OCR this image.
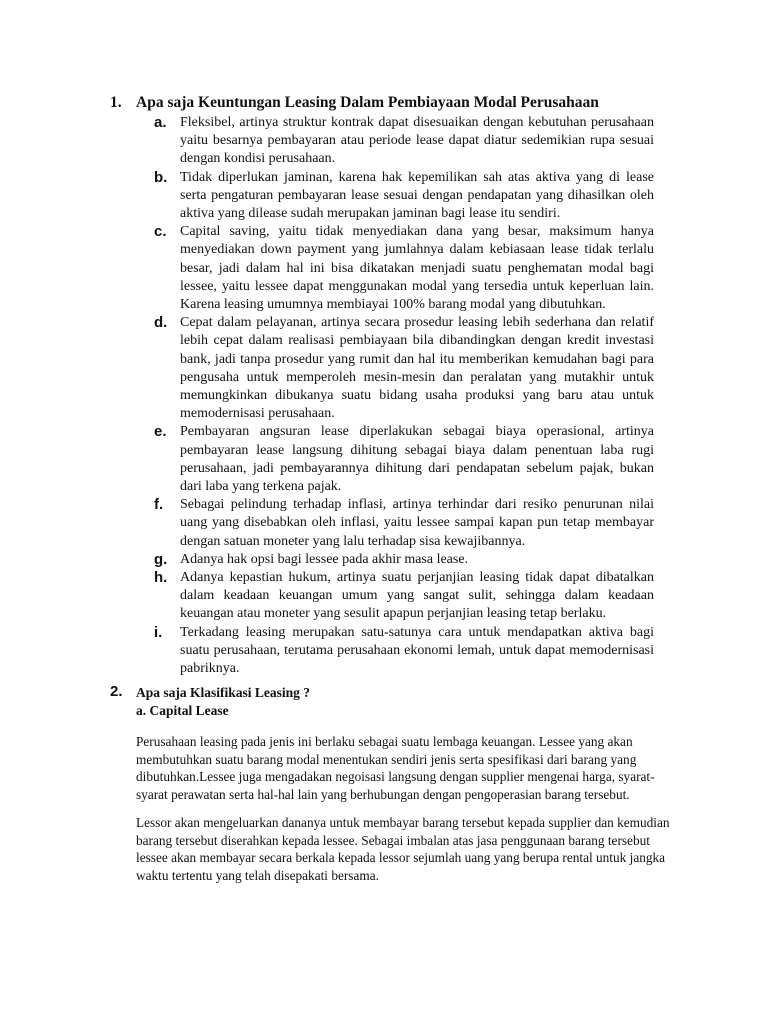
1. Apa saja Keuntungan Leasing Dalam Pembiayaan Modal Perusahaan
a. Fleksibel, artinya struktur kontrak dapat disesuaikan dengan kebutuhan perusahaan yaitu besarnya pembayaran atau periode lease dapat diatur sedemikian rupa sesuai dengan kondisi perusahaan.
b. Tidak diperlukan jaminan, karena hak kepemilikan sah atas aktiva yang di lease serta pengaturan pembayaran lease sesuai dengan pendapatan yang dihasilkan oleh aktiva yang dilease sudah merupakan jaminan bagi lease itu sendiri.
c. Capital saving, yaitu tidak menyediakan dana yang besar, maksimum hanya menyediakan down payment yang jumlahnya dalam kebiasaan lease tidak terlalu besar, jadi dalam hal ini bisa dikatakan menjadi suatu penghematan modal bagi lessee, yaitu lessee dapat menggunakan modal yang tersedia untuk keperluan lain. Karena leasing umumnya membiayai 100% barang modal yang dibutuhkan.
d. Cepat dalam pelayanan, artinya secara prosedur leasing lebih sederhana dan relatif lebih cepat dalam realisasi pembiayaan bila dibandingkan dengan kredit investasi bank, jadi tanpa prosedur yang rumit dan hal itu memberikan kemudahan bagi para pengusaha untuk memperoleh mesin-mesin dan peralatan yang mutakhir untuk memungkinkan dibukanya suatu bidang usaha produksi yang baru atau untuk memodernisasi perusahaan.
e. Pembayaran angsuran lease diperlakukan sebagai biaya operasional, artinya pembayaran lease langsung dihitung sebagai biaya dalam penentuan laba rugi perusahaan, jadi pembayarannya dihitung dari pendapatan sebelum pajak, bukan dari laba yang terkena pajak.
f. Sebagai pelindung terhadap inflasi, artinya terhindar dari resiko penurunan nilai uang yang disebabkan oleh inflasi, yaitu lessee sampai kapan pun tetap membayar dengan satuan moneter yang lalu terhadap sisa kewajibannya.
g. Adanya hak opsi bagi lessee pada akhir masa lease.
h. Adanya kepastian hukum, artinya suatu perjanjian leasing tidak dapat dibatalkan dalam keadaan keuangan umum yang sangat sulit, sehingga dalam keadaan keuangan atau moneter yang sesulit apapun perjanjian leasing tetap berlaku.
i. Terkadang leasing merupakan satu-satunya cara untuk mendapatkan aktiva bagi suatu perusahaan, terutama perusahaan ekonomi lemah, untuk dapat memodernisasi pabriknya.
2. Apa saja Klasifikasi Leasing ?
a. Capital Lease

Perusahaan leasing pada jenis ini berlaku sebagai suatu lembaga keuangan. Lessee yang akan membutuhkan suatu barang modal menentukan sendiri jenis serta spesifikasi dari barang yang dibutuhkan.Lessee juga mengadakan negoisasi langsung dengan supplier mengenai harga, syarat-syarat perawatan serta hal-hal lain yang berhubungan dengan pengoperasian barang tersebut.

Lessor akan mengeluarkan dananya untuk membayar barang tersebut kepada supplier dan kemudian barang tersebut diserahkan kepada lessee. Sebagai imbalan atas jasa penggunaan barang tersebut lessee akan membayar secara berkala kepada lessor sejumlah uang yang berupa rental untuk jangka waktu tertentu yang telah disepakati bersama.
